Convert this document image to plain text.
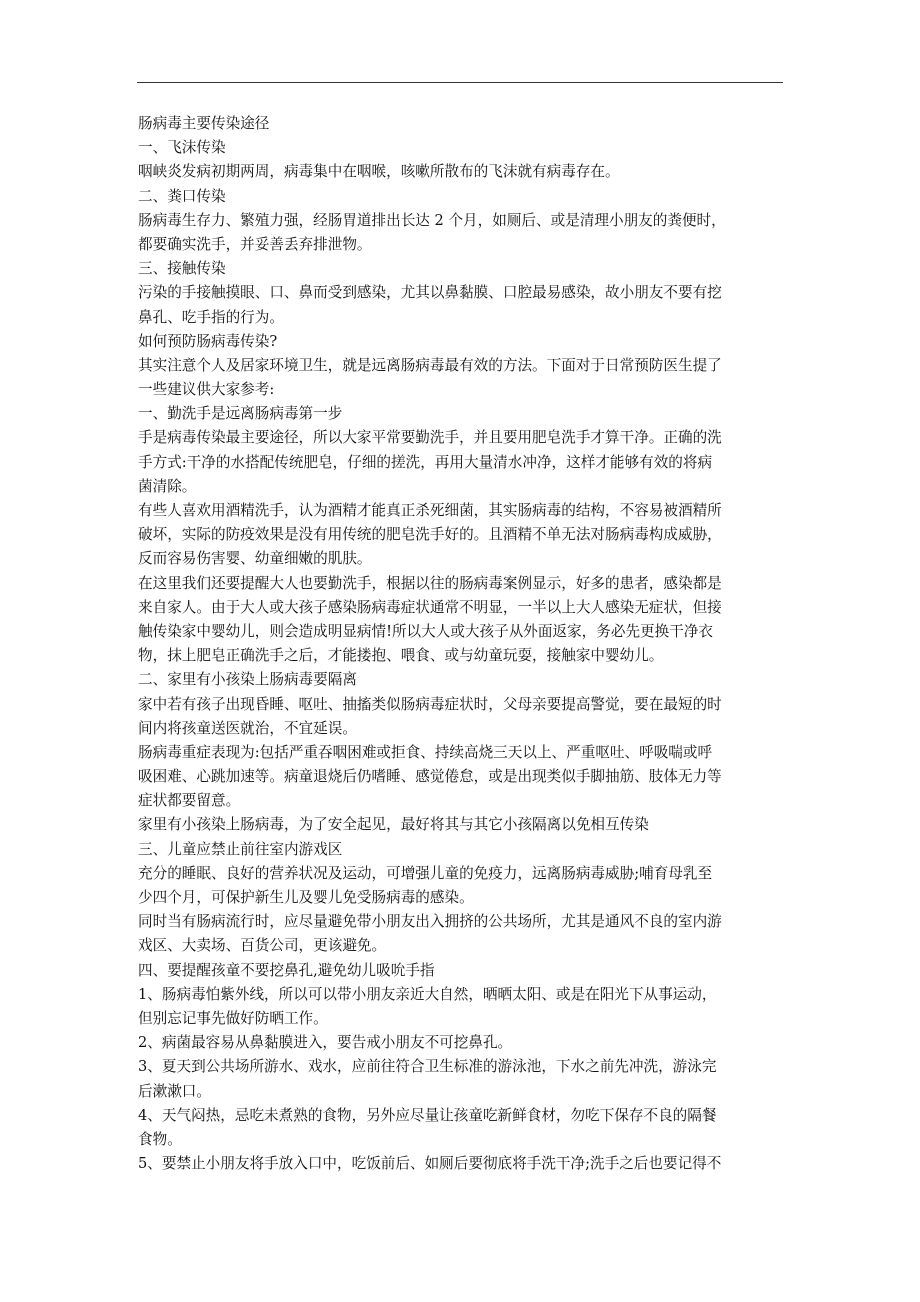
肠病毒主要传染途径
一、飞沫传染
咽峡炎发病初期两周，病毒集中在咽喉，咳嗽所散布的飞沫就有病毒存在。
二、粪口传染
肠病毒生存力、繁殖力强，经肠胃道排出长达 2 个月，如厕后、或是清理小朋友的粪便时，
都要确实洗手，并妥善丢弃排泄物。
三、接触传染
污染的手接触摸眼、口、鼻而受到感染，尤其以鼻黏膜、口腔最易感染，故小朋友不要有挖
鼻孔、吃手指的行为。
如何预防肠病毒传染?
其实注意个人及居家环境卫生，就是远离肠病毒最有效的方法。下面对于日常预防医生提了
一些建议供大家参考:
一、勤洗手是远离肠病毒第一步
手是病毒传染最主要途径，所以大家平常要勤洗手，并且要用肥皂洗手才算干净。正确的洗
手方式:干净的水搭配传统肥皂，仔细的搓洗，再用大量清水冲净，这样才能够有效的将病
菌清除。
有些人喜欢用酒精洗手，认为酒精才能真正杀死细菌，其实肠病毒的结构，不容易被酒精所
破坏，实际的防疫效果是没有用传统的肥皂洗手好的。且酒精不单无法对肠病毒构成威胁，
反而容易伤害婴、幼童细嫩的肌肤。
在这里我们还要提醒大人也要勤洗手，根据以往的肠病毒案例显示，好多的患者，感染都是
来自家人。由于大人或大孩子感染肠病毒症状通常不明显，一半以上大人感染无症状，但接
触传染家中婴幼儿，则会造成明显病情!所以大人或大孩子从外面返家，务必先更换干净衣
物，抹上肥皂正确洗手之后，才能搂抱、喂食、或与幼童玩耍，接触家中婴幼儿。
二、家里有小孩染上肠病毒要隔离
家中若有孩子出现昏睡、呕吐、抽搐类似肠病毒症状时，父母亲要提高警觉，要在最短的时
间内将孩童送医就治，不宜延误。
肠病毒重症表现为:包括严重吞咽困难或拒食、持续高烧三天以上、严重呕吐、呼吸喘或呼
吸困难、心跳加速等。病童退烧后仍嗜睡、感觉倦怠，或是出现类似手脚抽筋、肢体无力等
症状都要留意。
家里有小孩染上肠病毒，为了安全起见，最好将其与其它小孩隔离以免相互传染
三、儿童应禁止前往室内游戏区
充分的睡眠、良好的营养状况及运动，可增强儿童的免疫力，远离肠病毒威胁;哺育母乳至
少四个月，可保护新生儿及婴儿免受肠病毒的感染。
同时当有肠病流行时，应尽量避免带小朋友出入拥挤的公共场所，尤其是通风不良的室内游
戏区、大卖场、百货公司，更该避免。
四、要提醒孩童不要挖鼻孔,避免幼儿吸吮手指
1、肠病毒怕紫外线，所以可以带小朋友亲近大自然，晒晒太阳、或是在阳光下从事运动，
但别忘记事先做好防晒工作。
2、病菌最容易从鼻黏膜进入，要告戒小朋友不可挖鼻孔。
3、夏天到公共场所游水、戏水，应前往符合卫生标准的游泳池，下水之前先冲洗，游泳完
后漱漱口。
4、天气闷热，忌吃未煮熟的食物，另外应尽量让孩童吃新鲜食材，勿吃下保存不良的隔餐
食物。
5、要禁止小朋友将手放入口中，吃饭前后、如厕后要彻底将手洗干净;洗手之后也要记得不
